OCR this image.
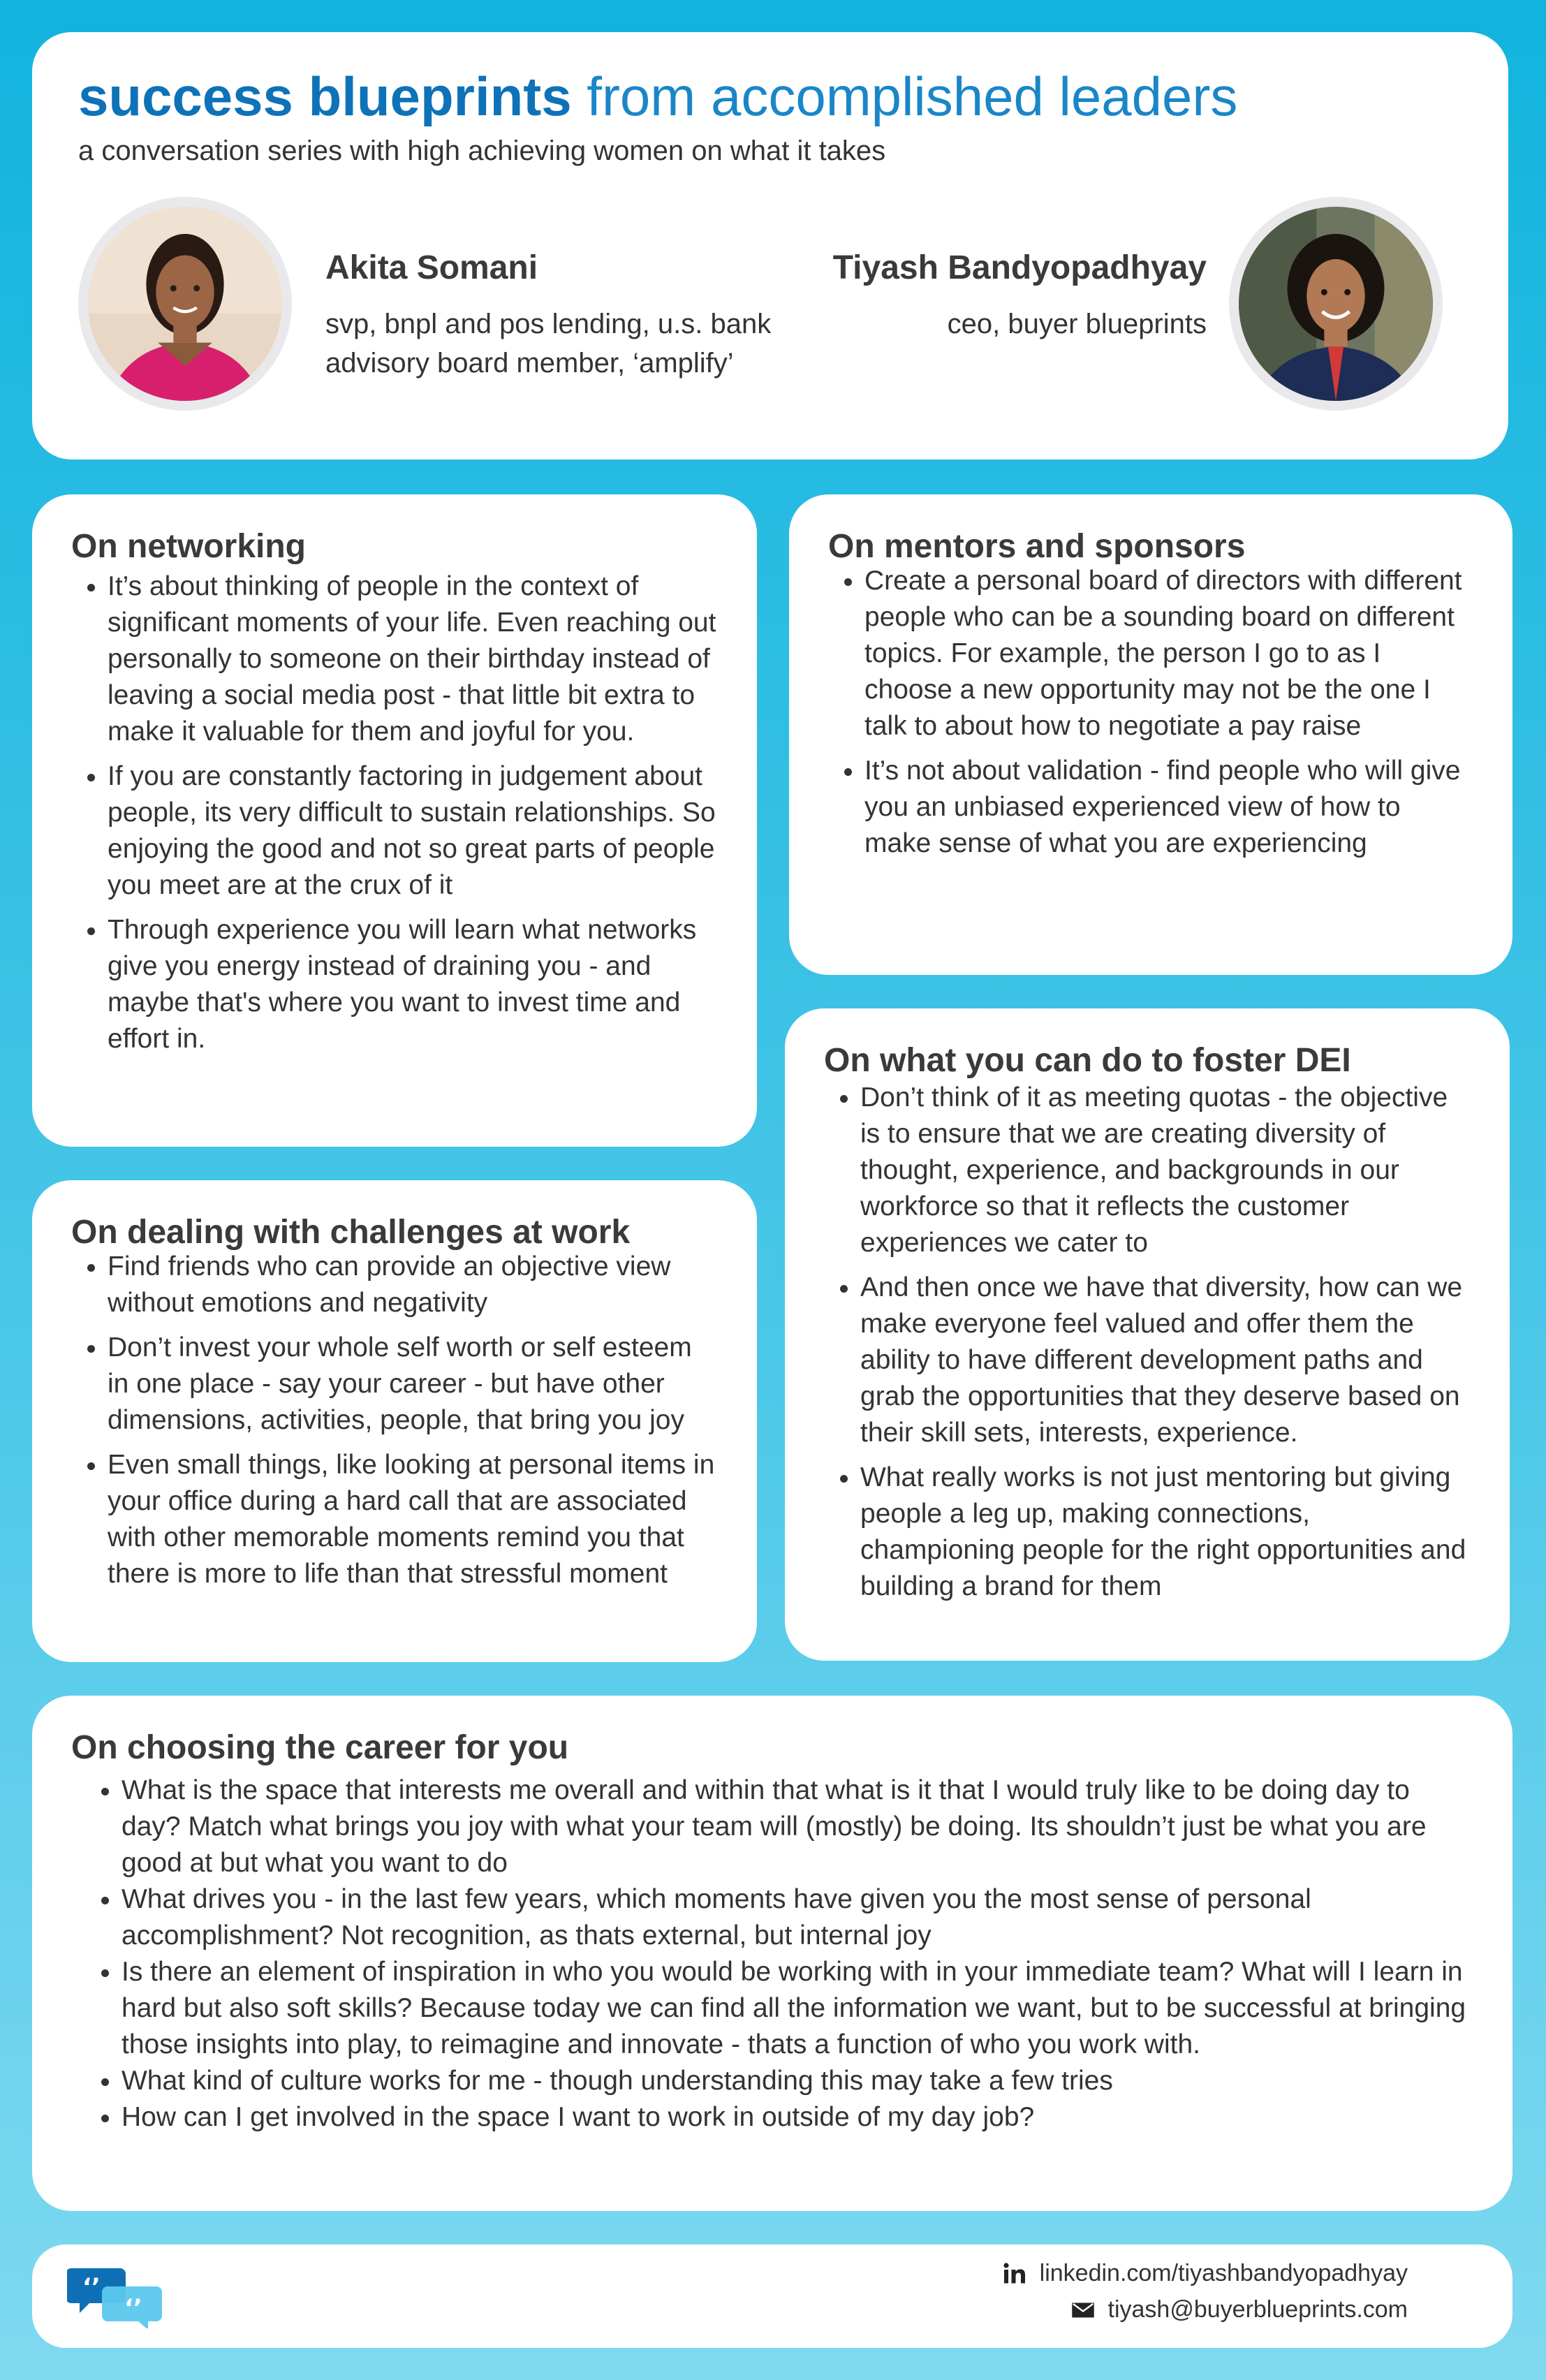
success blueprints from accomplished leaders
a conversation series with high achieving women on what it takes
Akita Somani
svp, bnpl and pos lending, u.s. bank
advisory board member, ‘amplify’
Tiyash Bandyopadhyay
ceo, buyer blueprints
On networking
• It’s about thinking of people in the context of significant moments of your life. Even reaching out personally to someone on their birthday instead of leaving a social media post - that little bit extra to make it valuable for them and joyful for you.
• If you are constantly factoring in judgement about people, its very difficult to sustain relationships. So enjoying the good and not so great parts of people you meet are at the crux of it
• Through experience you will learn what networks give you energy instead of draining you - and maybe that's where you want to invest time and effort in.
On mentors and sponsors
• Create a personal board of directors with different people who can be a sounding board on different topics. For example, the person I go to as I choose a new opportunity may not be the one I talk to about how to negotiate a pay raise
• It’s not about validation - find people who will give you an unbiased experienced view of how to make sense of what you are experiencing
On what you can do to foster DEI
• Don’t think of it as meeting quotas - the objective is to ensure that we are creating diversity of thought, experience, and backgrounds in our workforce so that it reflects the customer experiences we cater to
• And then once we have that diversity, how can we make everyone feel valued and offer them the ability to have different development paths and grab the opportunities that they deserve based on their skill sets, interests, experience.
• What really works is not just mentoring but giving people a leg up, making connections, championing people for the right opportunities and building a brand for them
On dealing with challenges at work
• Find friends who can provide an objective view without emotions and negativity
• Don’t invest your whole self worth or self esteem in one place - say your career - but have other dimensions, activities, people, that bring you joy
• Even small things, like looking at personal items in your office during a hard call that are associated with other memorable moments remind you that there is more to life than that stressful moment
On choosing the career for you
• What is the space that interests me overall and within that what is it that I would truly like to be doing day to day? Match what brings you joy with what your team will (mostly) be doing. Its shouldn’t just be what you are good at but what you want to do
• What drives you - in the last few years, which moments have given you the most sense of personal accomplishment? Not recognition, as thats external, but internal joy
• Is there an element of inspiration in who you would be working with in your immediate team? What will I learn in hard but also soft skills? Because today we can find all the information we want, but to be successful at bringing those insights into play, to reimagine and innovate - thats a function of who you work with.
• What kind of culture works for me - though understanding this may take a few tries
• How can I get involved in the space I want to work in outside of my day job?
‘’
‘’
linkedin.com/tiyashbandyopadhyay
tiyash@buyerblueprints.com
